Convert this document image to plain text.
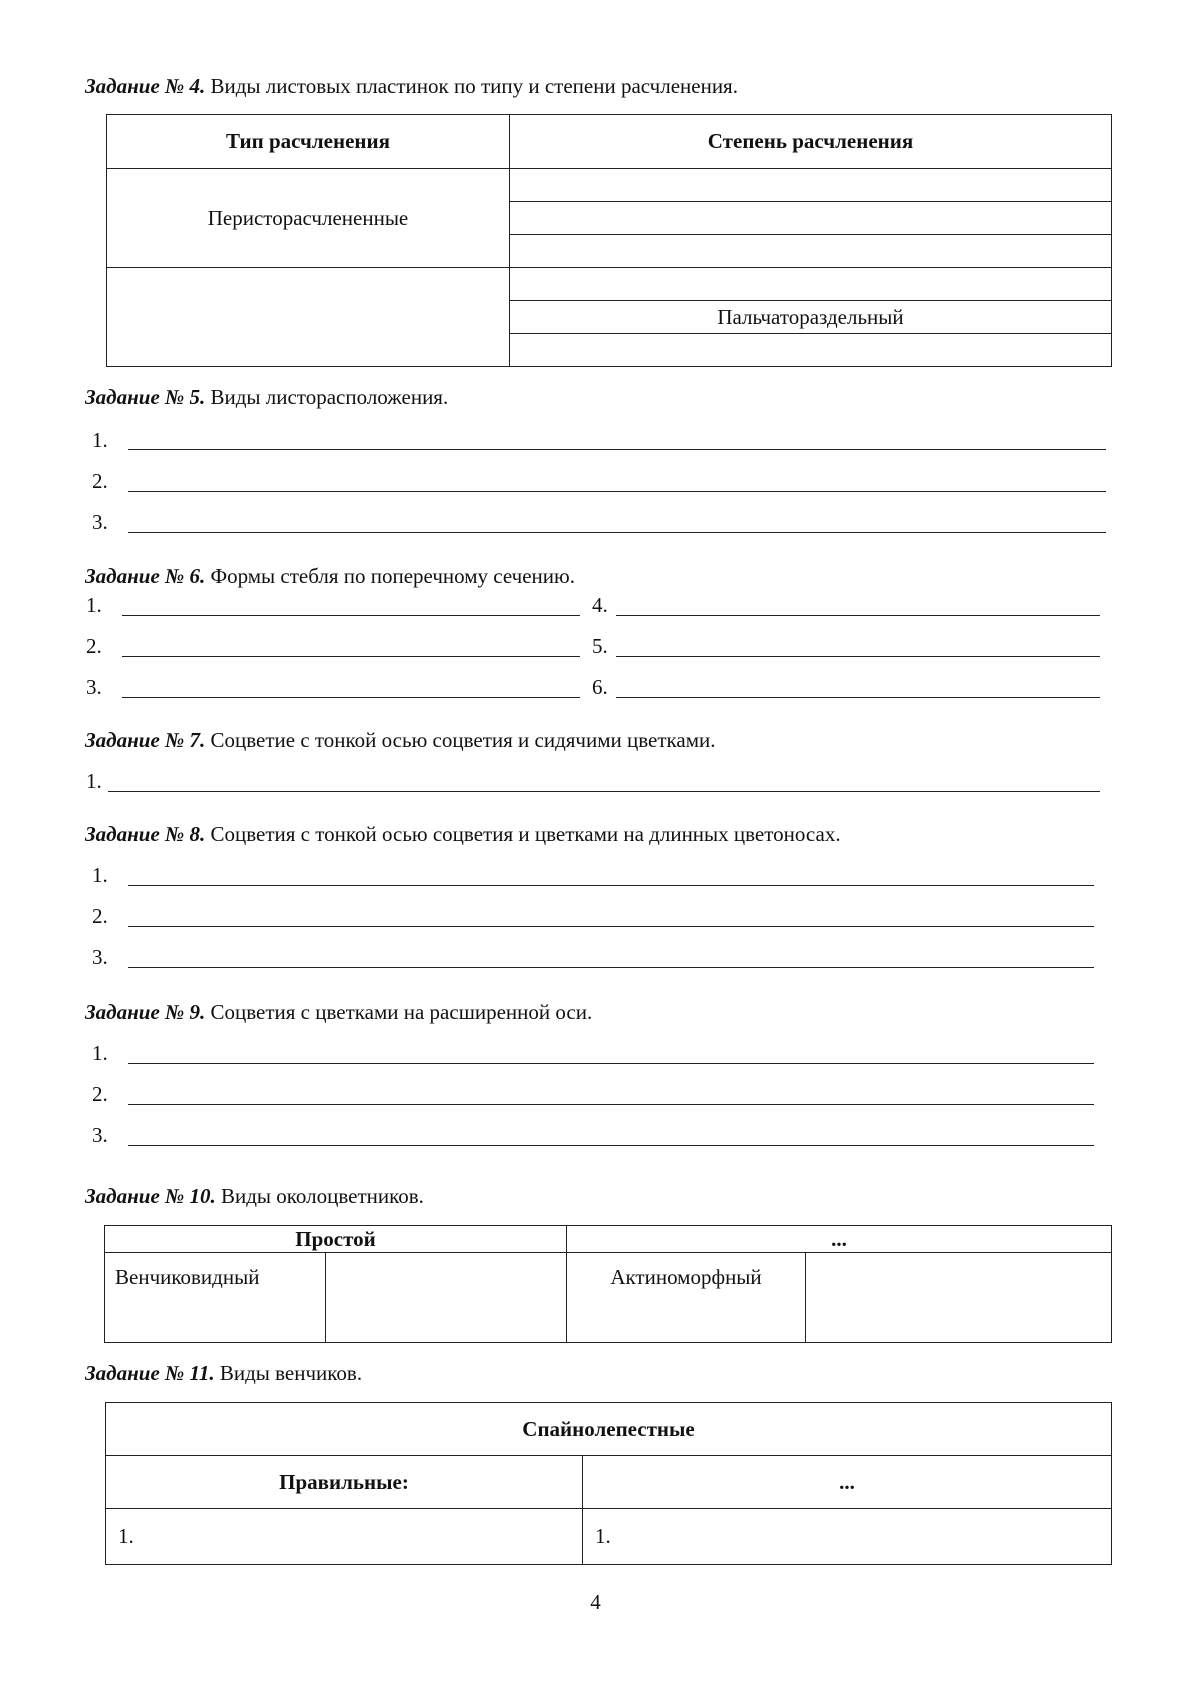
Задание № 4. Виды листовых пластинок по типу и степени расчленения.
Тип расчленения	Степень расчленения
Перисторасчлененные	

	Пальчатораздельный

Задание № 5. Виды листорасположения.
1.
2.
3.
Задание № 6. Формы стебля по поперечному сечению.
1.	4.
2.	5.
3.	6.
Задание № 7. Соцветие с тонкой осью соцветия и сидячими цветками.
1.
Задание № 8. Соцветия с тонкой осью соцветия и цветками на длинных цветоносах.
1.
2.
3.
Задание № 9. Соцветия с цветками на расширенной оси.
1.
2.
3.
Задание № 10. Виды околоцветников.
Простой		...	
Венчиковидный		Актиноморфный	
Задание № 11. Виды венчиков.
Спайнолепестные	
Правильные:	...
1.	1.
4
